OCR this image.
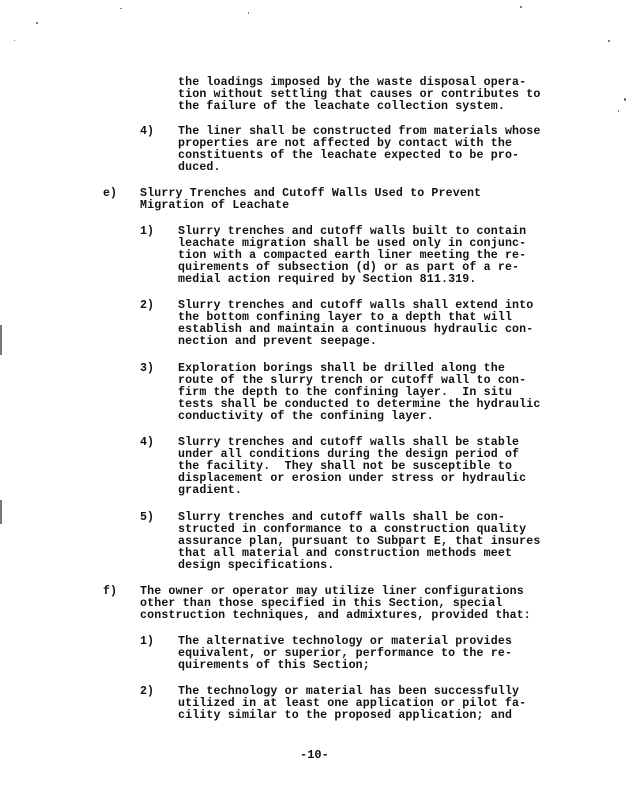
the loadings imposed by the waste disposal opera-
tion without settling that causes or contributes to
the failure of the leachate collection system.
4) The liner shall be constructed from materials whose
properties are not affected by contact with the
constituents of the leachate expected to be pro-
duced.
e) Slurry Trenches and Cutoff Walls Used to Prevent
Migration of Leachate
1) Slurry trenches and cutoff walls built to contain
leachate migration shall be used only in conjunc-
tion with a compacted earth liner meeting the re-
quirements of subsection (d) or as part of a re-
medial action required by Section 811.319.
2) Slurry trenches and cutoff walls shall extend into
the bottom confining layer to a depth that will
establish and maintain a continuous hydraulic con-
nection and prevent seepage.
3) Exploration borings shall be drilled along the
route of the slurry trench or cutoff wall to con-
firm the depth to the confining layer.  In situ
tests shall be conducted to determine the hydraulic
conductivity of the confining layer.
4) Slurry trenches and cutoff walls shall be stable
under all conditions during the design period of
the facility.  They shall not be susceptible to
displacement or erosion under stress or hydraulic
gradient.
5) Slurry trenches and cutoff walls shall be con-
structed in conformance to a construction quality
assurance plan, pursuant to Subpart E, that insures
that all material and construction methods meet
design specifications.
f) The owner or operator may utilize liner configurations
other than those specified in this Section, special
construction techniques, and admixtures, provided that:
1) The alternative technology or material provides
equivalent, or superior, performance to the re-
quirements of this Section;
2) The technology or material has been successfully
utilized in at least one application or pilot fa-
cility similar to the proposed application; and
-10-
